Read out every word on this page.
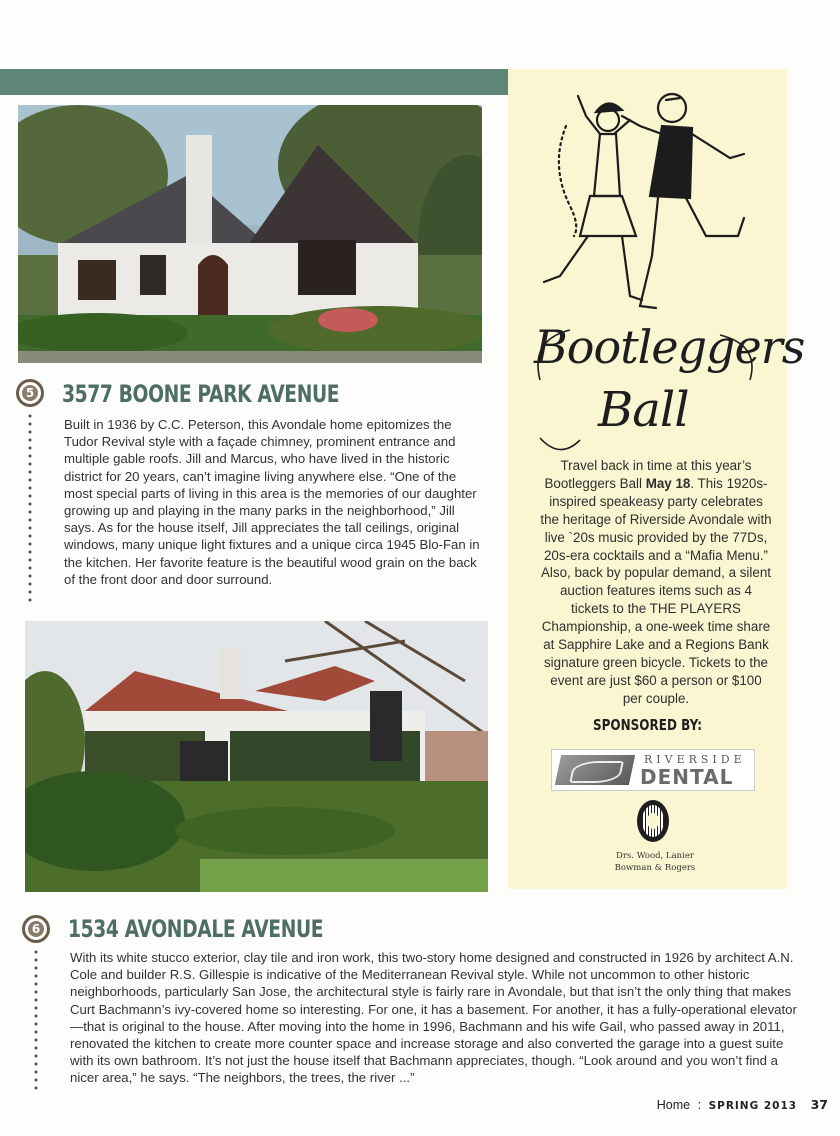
5 3577 BOONE PARK AVENUE

Built in 1936 by C.C. Peterson, this Avondale home epitomizes the Tudor Revival style with a façade chimney, prominent entrance and multiple gable roofs. Jill and Marcus, who have lived in the historic district for 20 years, can’t imagine living anywhere else. “One of the most special parts of living in this area is the memories of our daughter growing up and playing in the many parks in the neighborhood,” Jill says. As for the house itself, Jill appreciates the tall ceilings, original windows, many unique light fixtures and a unique circa 1945 Blo-Fan in the kitchen. Her favorite feature is the beautiful wood grain on the back of the front door and door surround.

6 1534 AVONDALE AVENUE

With its white stucco exterior, clay tile and iron work, this two-story home designed and constructed in 1926 by architect A.N. Cole and builder R.S. Gillespie is indicative of the Mediterranean Revival style. While not uncommon to other historic neighborhoods, particularly San Jose, the architectural style is fairly rare in Avondale, but that isn’t the only thing that makes Curt Bachmann’s ivy-covered home so interesting. For one, it has a basement. For another, it has a fully-operational elevator—that is original to the house. After moving into the home in 1996, Bachmann and his wife Gail, who passed away in 2011, renovated the kitchen to create more counter space and increase storage and also converted the garage into a guest suite with its own bathroom. It’s not just the house itself that Bachmann appreciates, though. “Look around and you won’t find a nicer area,” he says. “The neighbors, the trees, the river ...”

Bootleggers
Ball

Travel back in time at this year’s Bootleggers Ball May 18. This 1920s-inspired speakeasy party celebrates the heritage of Riverside Avondale with live `20s music provided by the 77Ds, 20s-era cocktails and a “Mafia Menu.” Also, back by popular demand, a silent auction features items such as 4 tickets to the THE PLAYERS Championship, a one-week time share at Sapphire Lake and a Regions Bank signature green bicycle. Tickets to the event are just $60 a person or $100 per couple.

SPONSORED BY:

RIVERSIDE
DENTAL

Drs. Wood, Lanier
Bowman & Rogers

Home : SPRING 2013 37
